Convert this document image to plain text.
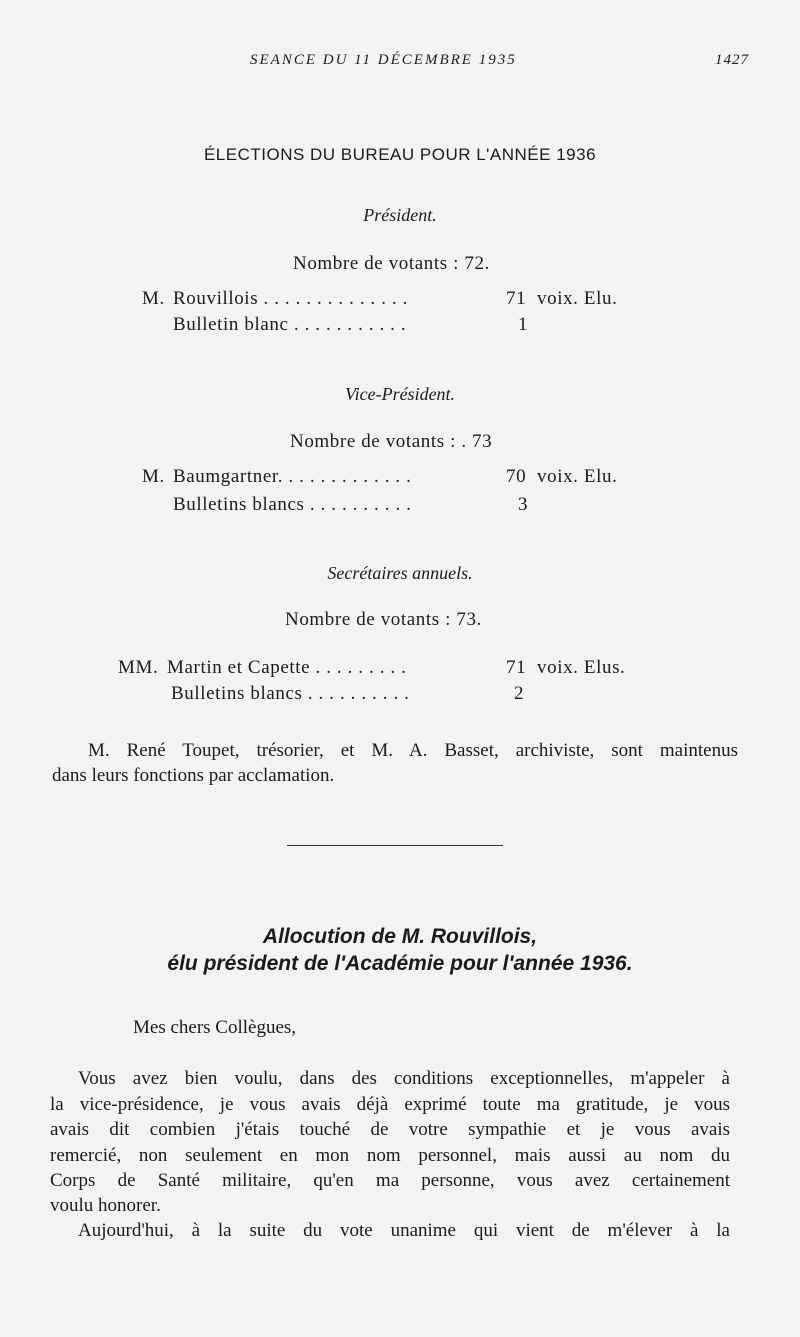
SEANCE DU 11 DÉCEMBRE 1935	1427
ÉLECTIONS DU BUREAU POUR L'ANNÉE 1936
Président.
Nombre de votants : 72.
M. Rouvillois . . . . . . . . . . . . . .	71 voix. Elu.
Bulletin blanc . . . . . . . . . . .	1
Vice-Président.
Nombre de votants : . 73
M. Baumgartner. . . . . . . . . . . . .	70 voix. Elu.
Bulletins blancs . . . . . . . . . .	3
Secrétaires annuels.
Nombre de votants : 73.
MM. Martin et Capette . . . . . . . . .	71 voix. Elus.
Bulletins blancs . . . . . . . . . .	2
M. René Toupet, trésorier, et M. A. Basset, archiviste, sont maintenus
dans leurs fonctions par acclamation.
Allocution de M. Rouvillois,
élu président de l'Académie pour l'année 1936.
Mes chers Collègues,
Vous avez bien voulu, dans des conditions exceptionnelles, m'appeler à
la vice-présidence, je vous avais déjà exprimé toute ma gratitude, je vous
avais dit combien j'étais touché de votre sympathie et je vous avais
remercié, non seulement en mon nom personnel, mais aussi au nom du
Corps de Santé militaire, qu'en ma personne, vous avez certainement
voulu honorer.
Aujourd'hui, à la suite du vote unanime qui vient de m'élever à la
